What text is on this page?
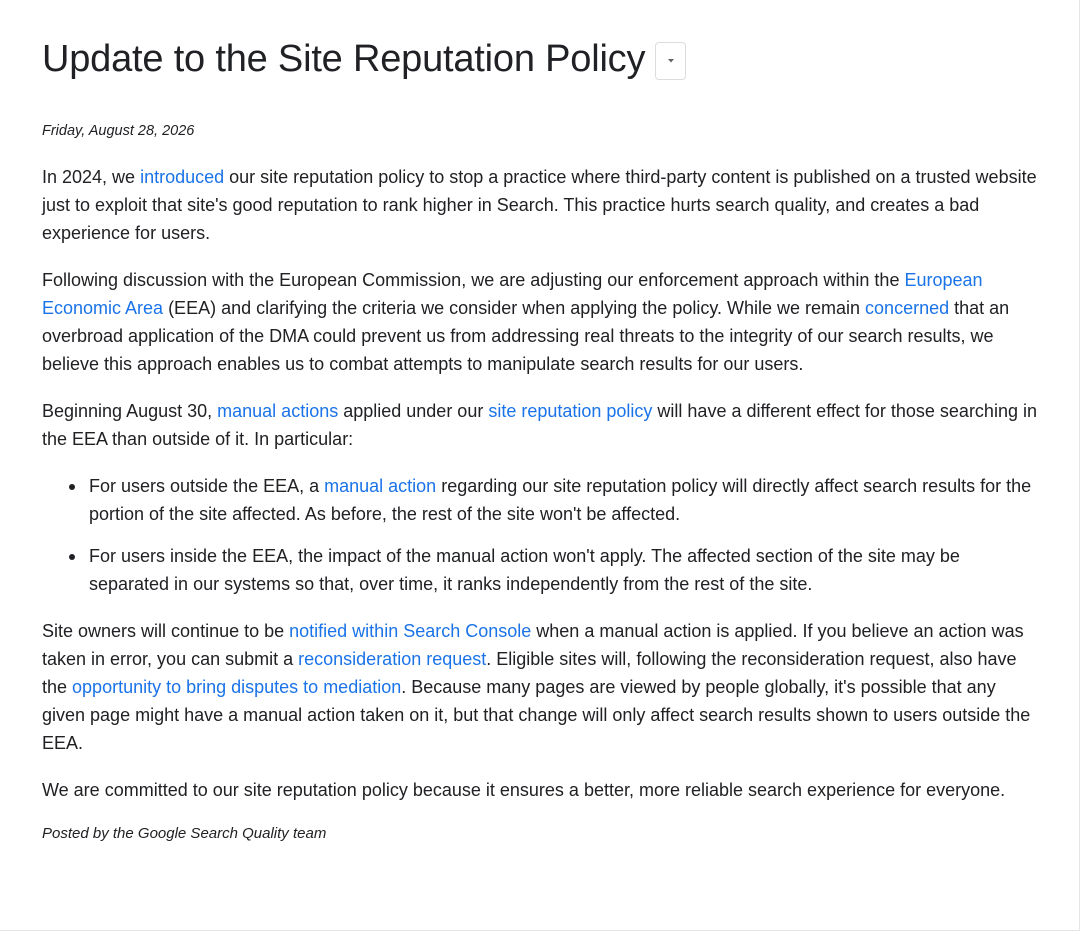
Update to the Site Reputation Policy

Friday, August 28, 2026

In 2024, we introduced our site reputation policy to stop a practice where third-party content is published on a trusted website just to exploit that site's good reputation to rank higher in Search. This practice hurts search quality, and creates a bad experience for users.

Following discussion with the European Commission, we are adjusting our enforcement approach within the European Economic Area (EEA) and clarifying the criteria we consider when applying the policy. While we remain concerned that an overbroad application of the DMA could prevent us from addressing real threats to the integrity of our search results, we believe this approach enables us to combat attempts to manipulate search results for our users.

Beginning August 30, manual actions applied under our site reputation policy will have a different effect for those searching in the EEA than outside of it. In particular:

For users outside the EEA, a manual action regarding our site reputation policy will directly affect search results for the portion of the site affected. As before, the rest of the site won't be affected.
For users inside the EEA, the impact of the manual action won't apply. The affected section of the site may be separated in our systems so that, over time, it ranks independently from the rest of the site.

Site owners will continue to be notified within Search Console when a manual action is applied. If you believe an action was taken in error, you can submit a reconsideration request. Eligible sites will, following the reconsideration request, also have the opportunity to bring disputes to mediation. Because many pages are viewed by people globally, it's possible that any given page might have a manual action taken on it, but that change will only affect search results shown to users outside the EEA.

We are committed to our site reputation policy because it ensures a better, more reliable search experience for everyone.

Posted by the Google Search Quality team
